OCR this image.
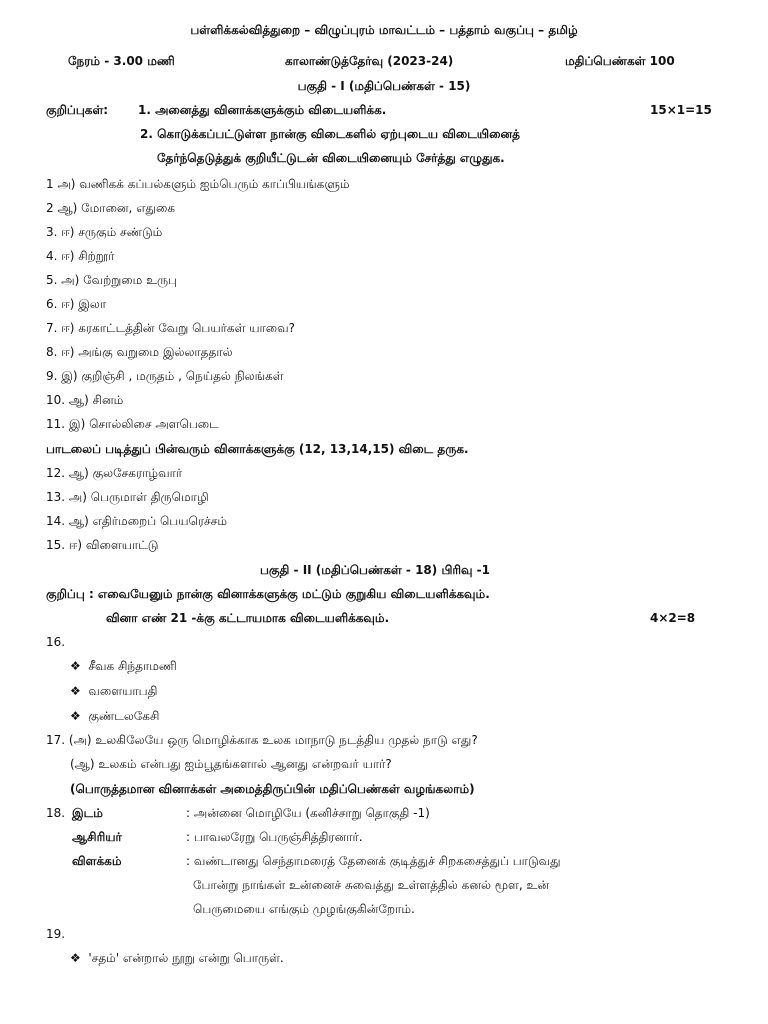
பள்ளிக்கல்வித்துறை – விழுப்புரம் மாவட்டம் – பத்தாம் வகுப்பு – தமிழ்
நேரம் - 3.00 மணி	காலாண்டுத்தேர்வு (2023-24)	மதிப்பெண்கள் 100
பகுதி - I (மதிப்பெண்கள் - 15)
குறிப்புகள்: 1. அனைத்து வினாக்களுக்கும் விடையளிக்க.	15×1=15
2. கொடுக்கப்பட்டுள்ள நான்கு விடைகளில் ஏற்புடைய விடையினைத்
தேர்ந்தெடுத்துக் குறியீட்டுடன் விடையினையும் சேர்த்து எழுதுக.
1 அ) வணிகக் கப்பல்களும் ஐம்பெரும் காப்பியங்களும்
2 ஆ) மோனை, எதுகை
3. ஈ) சருகும் சண்டும்
4. ஈ) சிற்றூர்
5. அ) வேற்றுமை உருபு
6. ஈ) இலா
7. ஈ) கரகாட்டத்தின் வேறு பெயர்கள் யாவை?
8. ஈ) அங்கு வறுமை இல்லாததால்
9. இ) குறிஞ்சி , மருதம் , நெய்தல் நிலங்கள்
10. ஆ) சினம்
11. இ) சொல்லிசை அளபெடை
பாடலைப் படித்துப் பின்வரும் வினாக்களுக்கு (12, 13,14,15) விடை தருக.
12. ஆ) குலசேகராழ்வார்
13. அ) பெருமாள் திருமொழி
14. ஆ) எதிர்மறைப் பெயரெச்சம்
15. ஈ) விளையாட்டு
பகுதி - II (மதிப்பெண்கள் - 18) பிரிவு -1
குறிப்பு : எவையேனும் நான்கு வினாக்களுக்கு மட்டும் குறுகிய விடையளிக்கவும்.
வினா எண் 21 -க்கு கட்டாயமாக விடையளிக்கவும்.	4×2=8
16.
❖ சீவக சிந்தாமணி
❖ வளையாபதி
❖ குண்டலகேசி
17. (அ) உலகிலேயே ஒரு மொழிக்காக உலக மாநாடு நடத்திய முதல் நாடு எது?
(ஆ) உலகம் என்பது ஐம்பூதங்களால் ஆனது என்றவர் யார்?
(பொருத்தமான வினாக்கள் அமைத்திருப்பின் மதிப்பெண்கள் வழங்கலாம்)
18. இடம்	: அன்னை மொழியே (கனிச்சாறு தொகுதி -1)
ஆசிரியர்	: பாவலரேறு பெருஞ்சித்திரனார்.
விளக்கம்	: வண்டானது செந்தாமரைத் தேனைக் குடித்துச் சிறகசைத்துப் பாடுவது
போன்று நாங்கள் உன்னைச் சுவைத்து உள்ளத்தில் கனல் மூள, உன்
பெருமையை எங்கும் முழங்குகின்றோம்.
19.
❖ 'சதம்' என்றால் நூறு என்று பொருள்.
